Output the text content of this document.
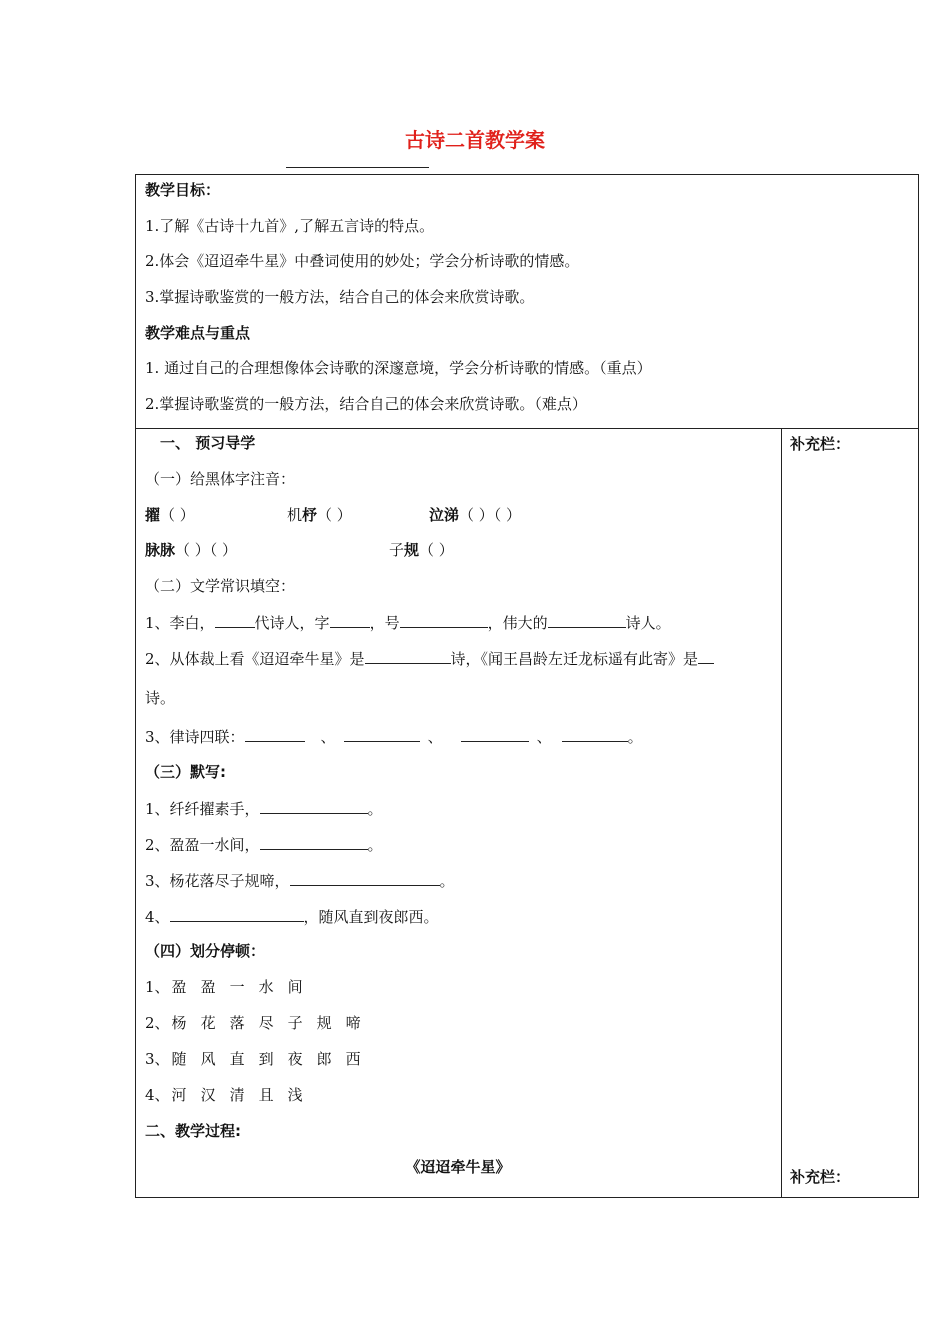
古诗二首教学案
教学目标：
1.了解《古诗十九首》,了解五言诗的特点。
2.体会《迢迢牵牛星》中叠词使用的妙处；学会分析诗歌的情感。
3.掌握诗歌鉴赏的一般方法，结合自己的体会来欣赏诗歌。
教学难点与重点
1. 通过自己的合理想像体会诗歌的深邃意境，学会分析诗歌的情感。（重点）
2.掌握诗歌鉴赏的一般方法，结合自己的体会来欣赏诗歌。（难点）
补充栏：
补充栏：
一、 预习导学
（一）给黑体字注音：
擢（ ）	机杼（ ）	泣涕（ ）（ ）
脉脉（ ）（ ）	子规（ ）
（二）文学常识填空：
1、李白，	代诗人，字	，号	，伟大的	诗人。
2、从体裁上看《迢迢牵牛星》是	诗，《闻王昌龄左迁龙标遥有此寄》是
诗。
3、律诗四联：	、	、	、	。
（三）默写:
1、纤纤擢素手，	。
2、盈盈一水间，	。
3、杨花落尽子规啼，	。
4、	，随风直到夜郎西。
（四）划分停顿：
1、 盈 盈 一 水 间
2、 杨 花 落 尽 子 规 啼
3、 随 风 直 到 夜 郎 西
4、 河 汉 清 且 浅
二、教学过程:
《迢迢牵牛星》
